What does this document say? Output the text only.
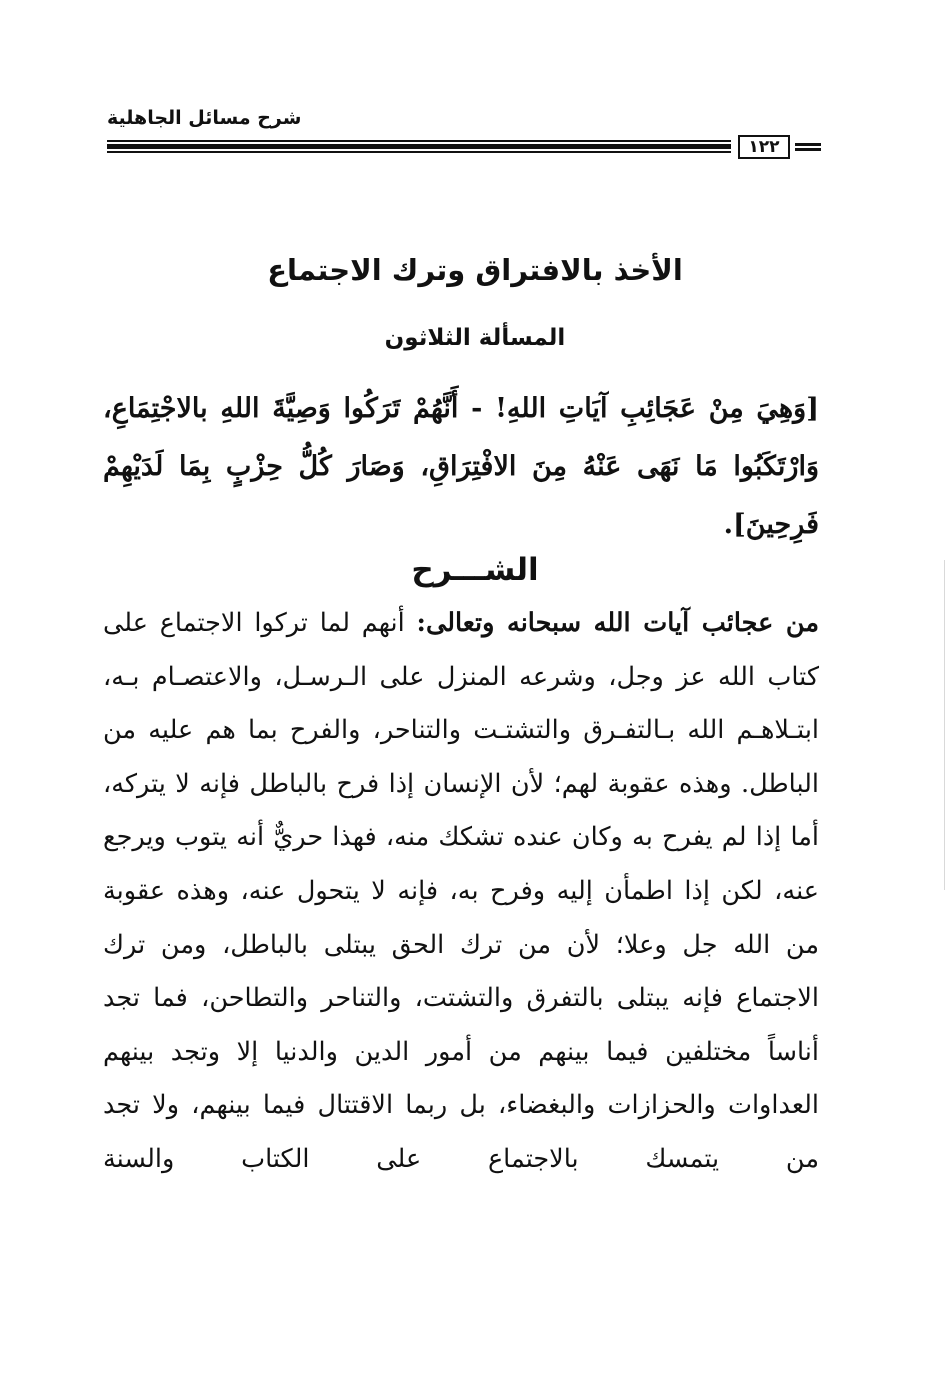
شرح مسائل الجاهلية
١٢٢
الأخذ بالافتراق وترك الاجتماع
المسألة الثلاثون
[وَهِيَ مِنْ عَجَائِبِ آيَاتِ اللهِ! - أَنَّهُمْ تَرَكُوا وَصِيَّةَ اللهِ بالاجْتِمَاعِ، وَارْتَكَبُوا مَا نَهَى عَنْهُ مِنَ الافْتِرَاقِ، وَصَارَ كُلُّ حِزْبٍ بِمَا لَدَيْهِمْ فَرِحِينَ].
الشـــرح
من عجائب آيات الله سبحانه وتعالى: أنهم لما تركوا الاجتماع على كتاب الله عز وجل، وشرعه المنزل على الـرسـل، والاعتصـام بـه، ابتـلاهـم الله بـالتفـرق والتشتـت والتناحر، والفرح بما هم عليه من الباطل. وهذه عقوبة لهم؛ لأن الإنسان إذا فرح بالباطل فإنه لا يتركه، أما إذا لم يفرح به وكان عنده تشكك منه، فهذا حريٌّ أنه يتوب ويرجع عنه، لكن إذا اطمأن إليه وفرح به، فإنه لا يتحول عنه، وهذه عقوبة من الله جل وعلا؛ لأن من ترك الحق يبتلى بالباطل، ومن ترك الاجتماع فإنه يبتلى بالتفرق والتشتت، والتناحر والتطاحن، فما تجد أناساً مختلفين فيما بينهم من أمور الدين والدنيا إلا وتجد بينهم العداوات والحزازات والبغضاء، بل ربما الاقتتال فيما بينهم، ولا تجد من يتمسك بالاجتماع على الكتاب والسنة
